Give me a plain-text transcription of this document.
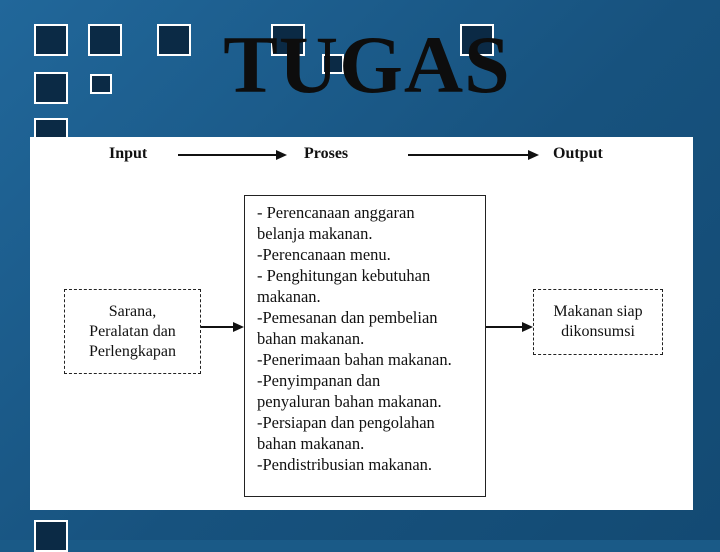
TUGAS
Input	Proses	Output
Sarana,
Peralatan dan
Perlengkapan
- Perencanaan anggaran
belanja makanan.
-Perencanaan menu.
- Penghitungan kebutuhan
makanan.
-Pemesanan dan pembelian
bahan makanan.
-Penerimaan bahan makanan.
-Penyimpanan dan
penyaluran bahan makanan.
-Persiapan dan pengolahan
bahan makanan.
-Pendistribusian makanan.
Makanan siap
dikonsumsi
